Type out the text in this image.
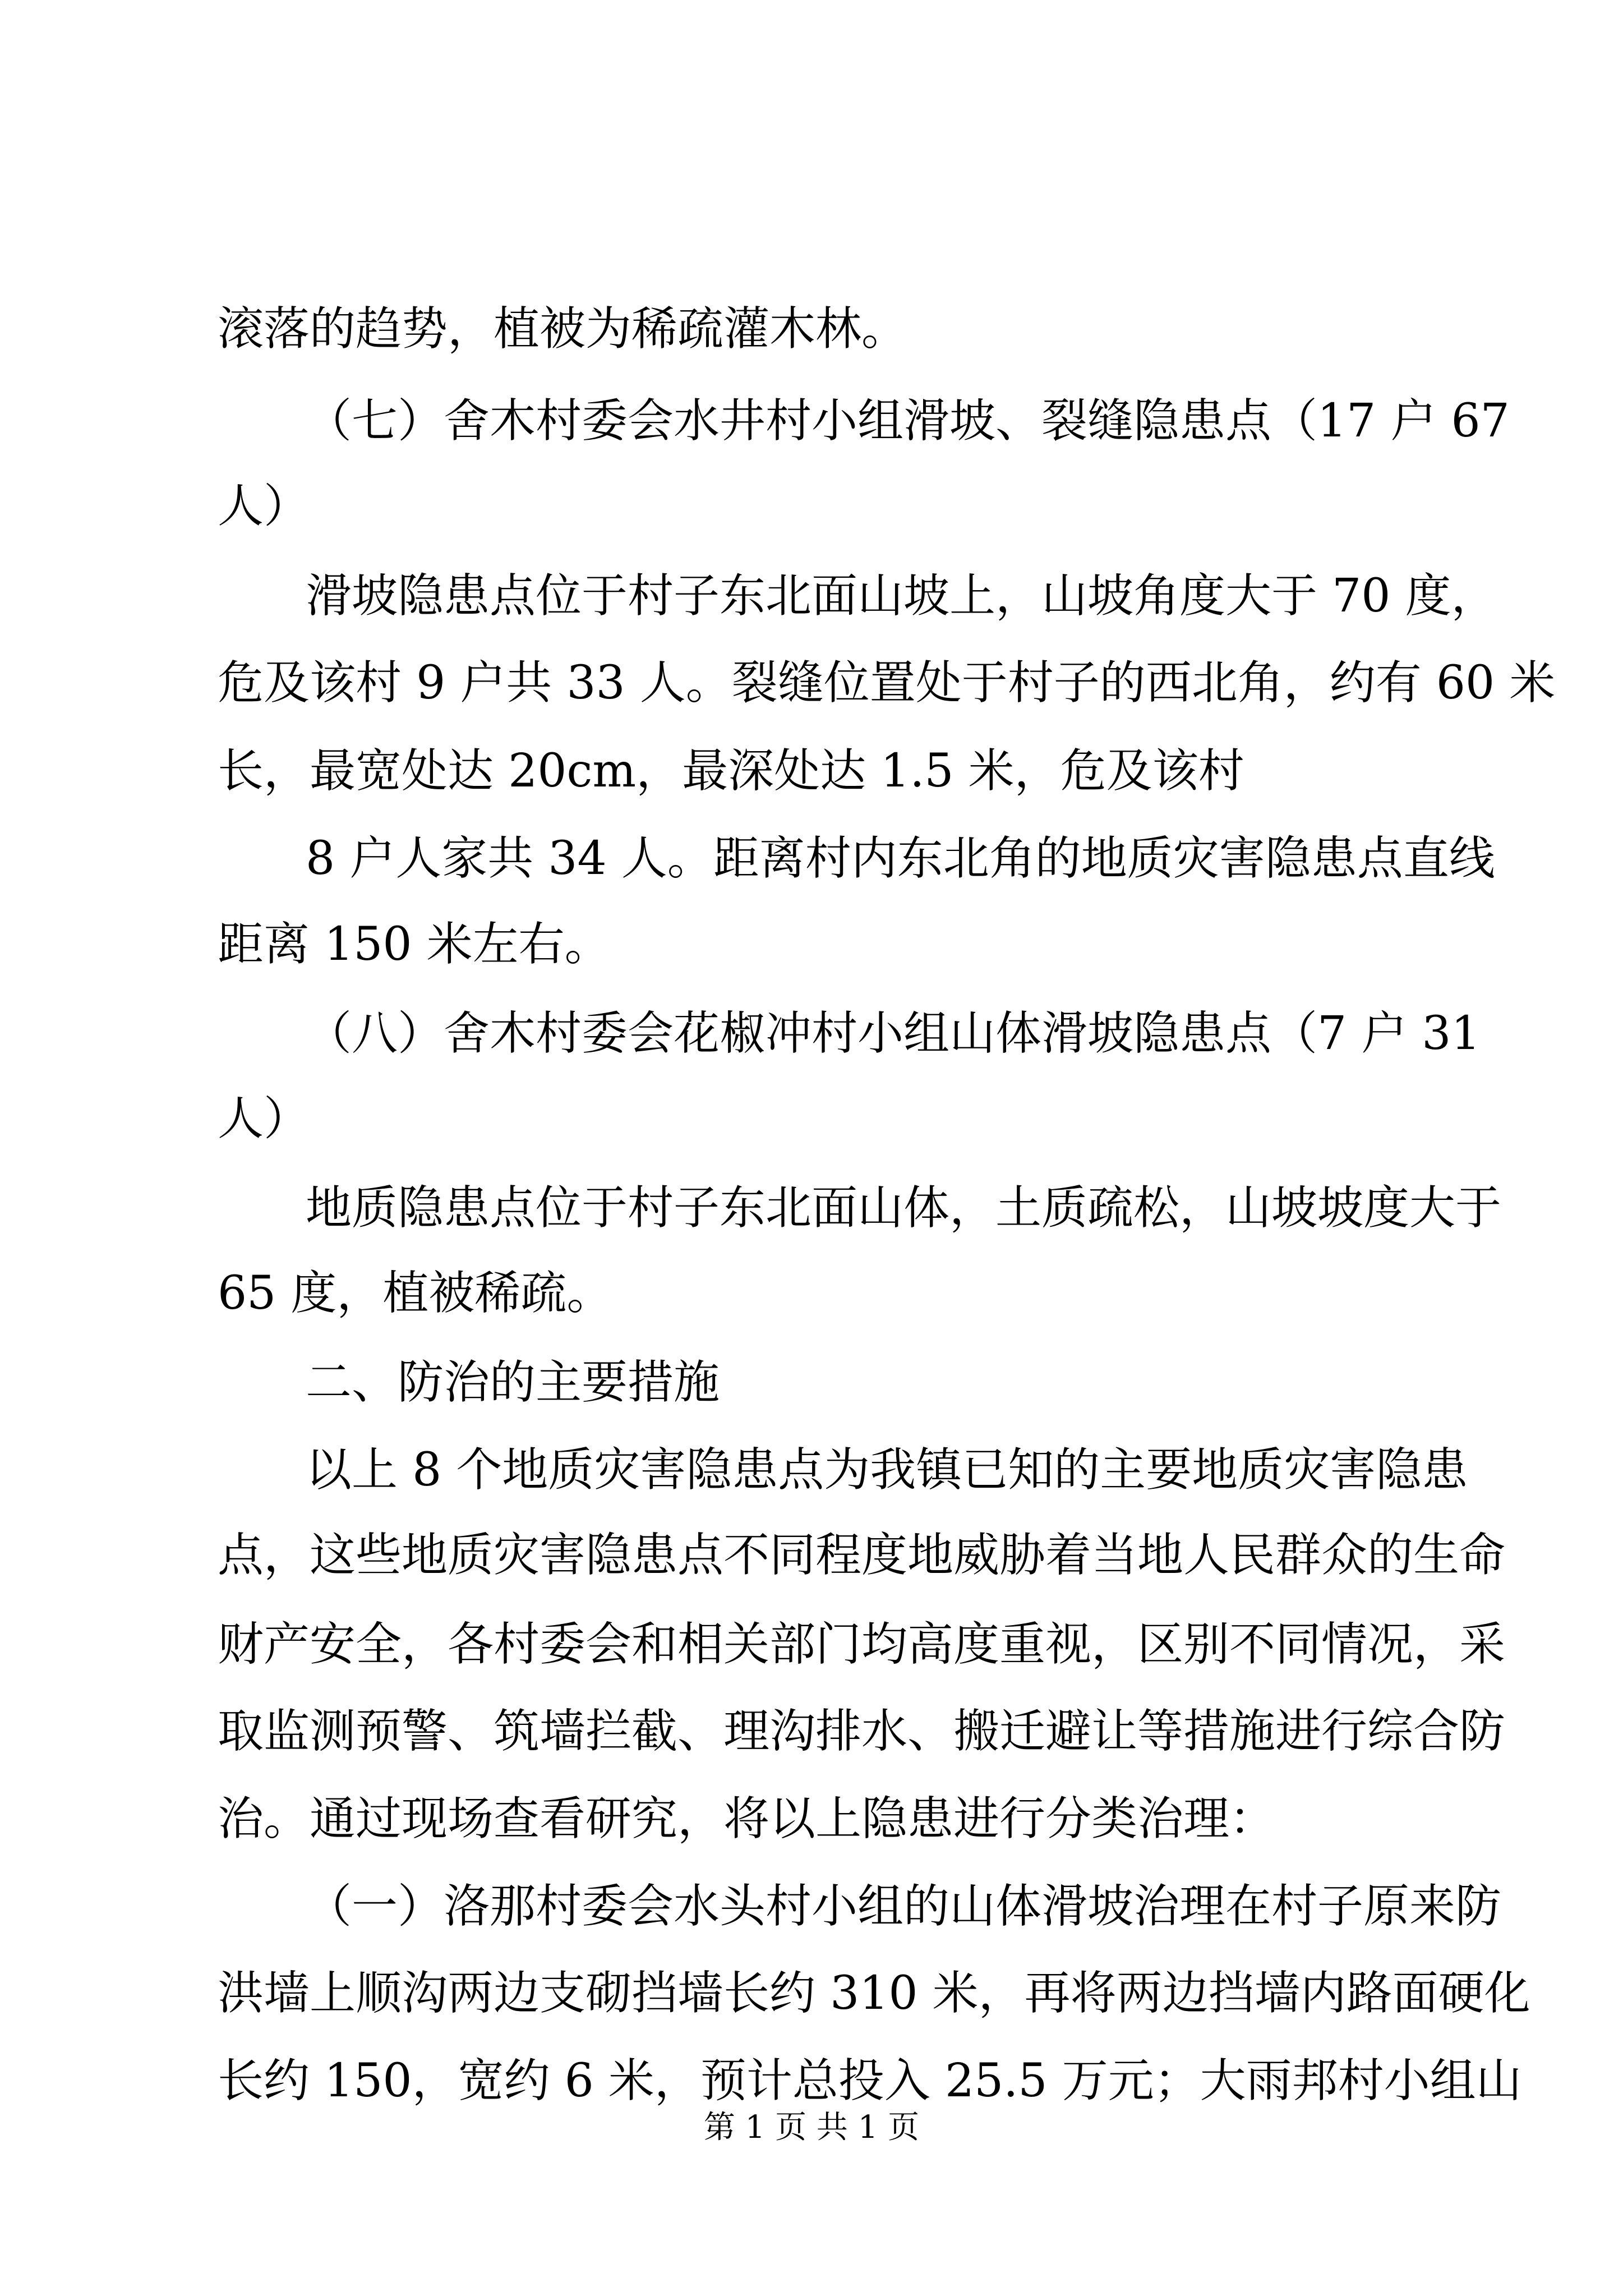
滚落的趋势，植被为稀疏灌木林。
（七）舍木村委会水井村小组滑坡、裂缝隐患点（17 户 67
人）
滑坡隐患点位于村子东北面山坡上，山坡角度大于 70 度，
危及该村 9 户共 33 人。裂缝位置处于村子的西北角，约有 60 米
长，最宽处达 20cm，最深处达 1.5 米，危及该村
8 户人家共 34 人。距离村内东北角的地质灾害隐患点直线
距离 150 米左右。
（八）舍木村委会花椒冲村小组山体滑坡隐患点（7 户 31
人）
地质隐患点位于村子东北面山体，土质疏松，山坡坡度大于
65 度，植被稀疏。
二、防治的主要措施
以上 8 个地质灾害隐患点为我镇已知的主要地质灾害隐患
点，这些地质灾害隐患点不同程度地威胁着当地人民群众的生命
财产安全，各村委会和相关部门均高度重视，区别不同情况，采
取监测预警、筑墙拦截、理沟排水、搬迁避让等措施进行综合防
治。通过现场查看研究，将以上隐患进行分类治理：
（一）洛那村委会水头村小组的山体滑坡治理在村子原来防
洪墙上顺沟两边支砌挡墙长约 310 米，再将两边挡墙内路面硬化
长约 150，宽约 6 米，预计总投入 25.5 万元；大雨邦村小组山
第 1 页 共 1 页
